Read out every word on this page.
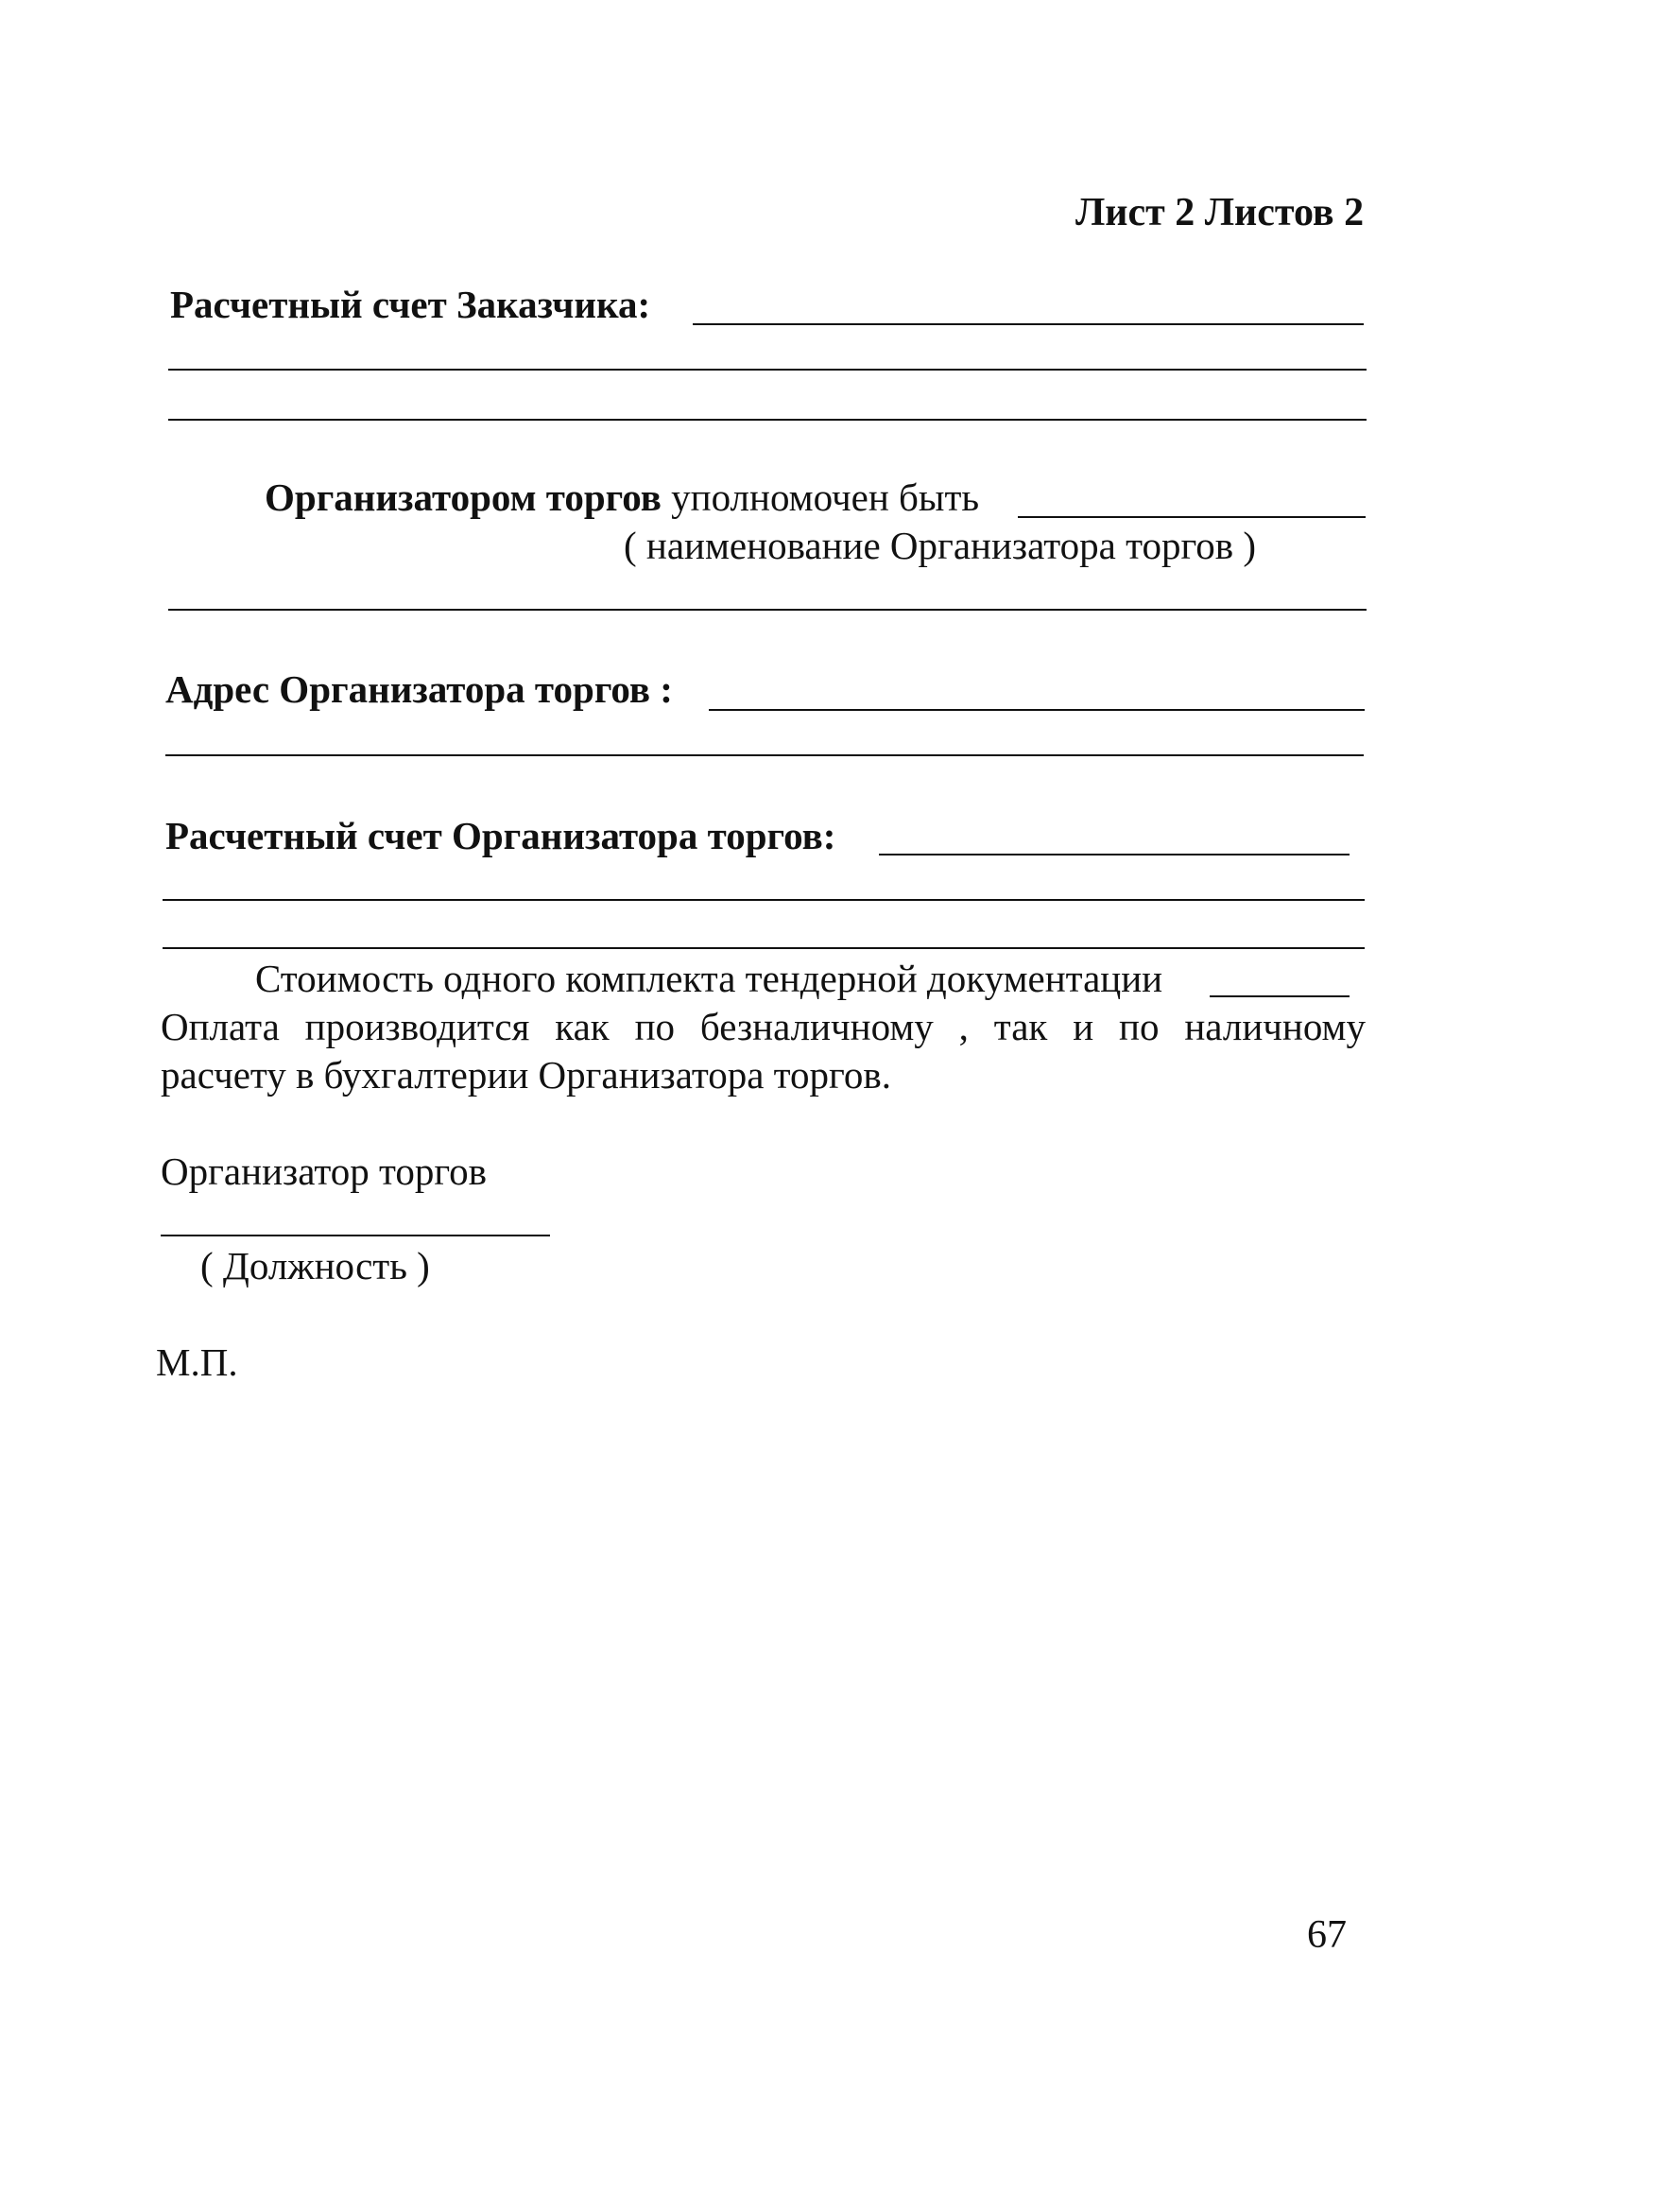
Лист 2 Листов 2
Расчетный счет Заказчика:
Организатором торгов уполномочен быть
( наименование Организатора торгов )
Адрес Организатора торгов :
Расчетный счет Организатора торгов:
Стоимость одного комплекта тендерной документации
Оплата производится как по безналичному , так и по наличному
расчету в бухгалтерии Организатора торгов.
Организатор торгов
( Должность )
М.П.
67
